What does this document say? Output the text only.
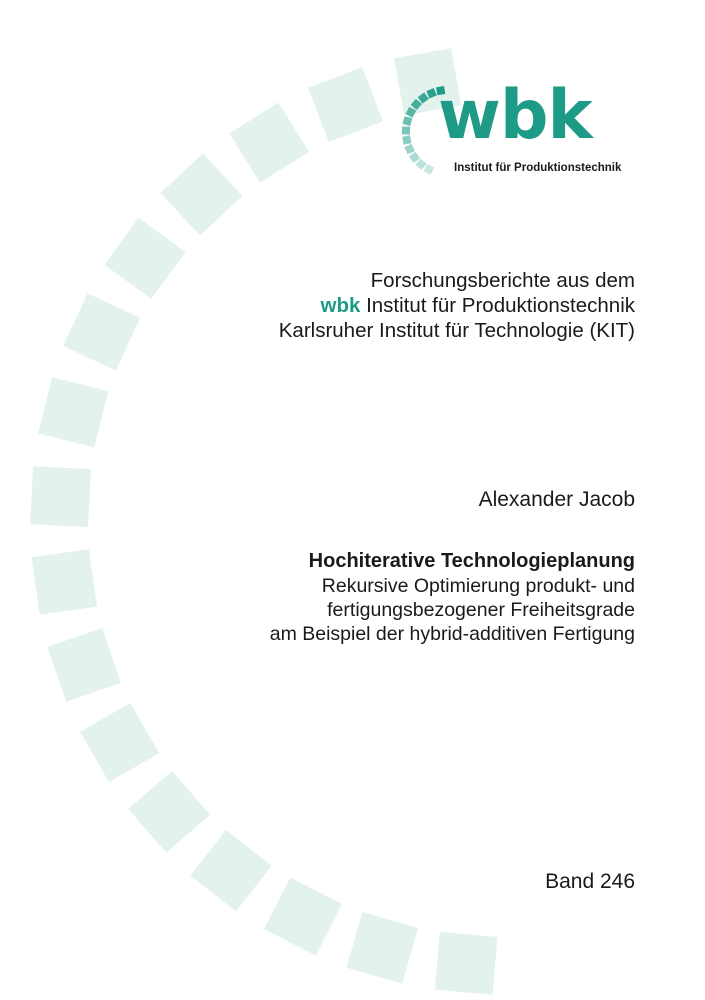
wbk

Institut für Produktionstechnik

Forschungsberichte aus dem

wbk Institut für Produktionstechnik

Karlsruher Institut für Technologie (KIT)

Alexander Jacob

Hochiterative Technologieplanung

Rekursive Optimierung produkt- und

fertigungsbezogener Freiheitsgrade

am Beispiel der hybrid-additiven Fertigung

Band 246
